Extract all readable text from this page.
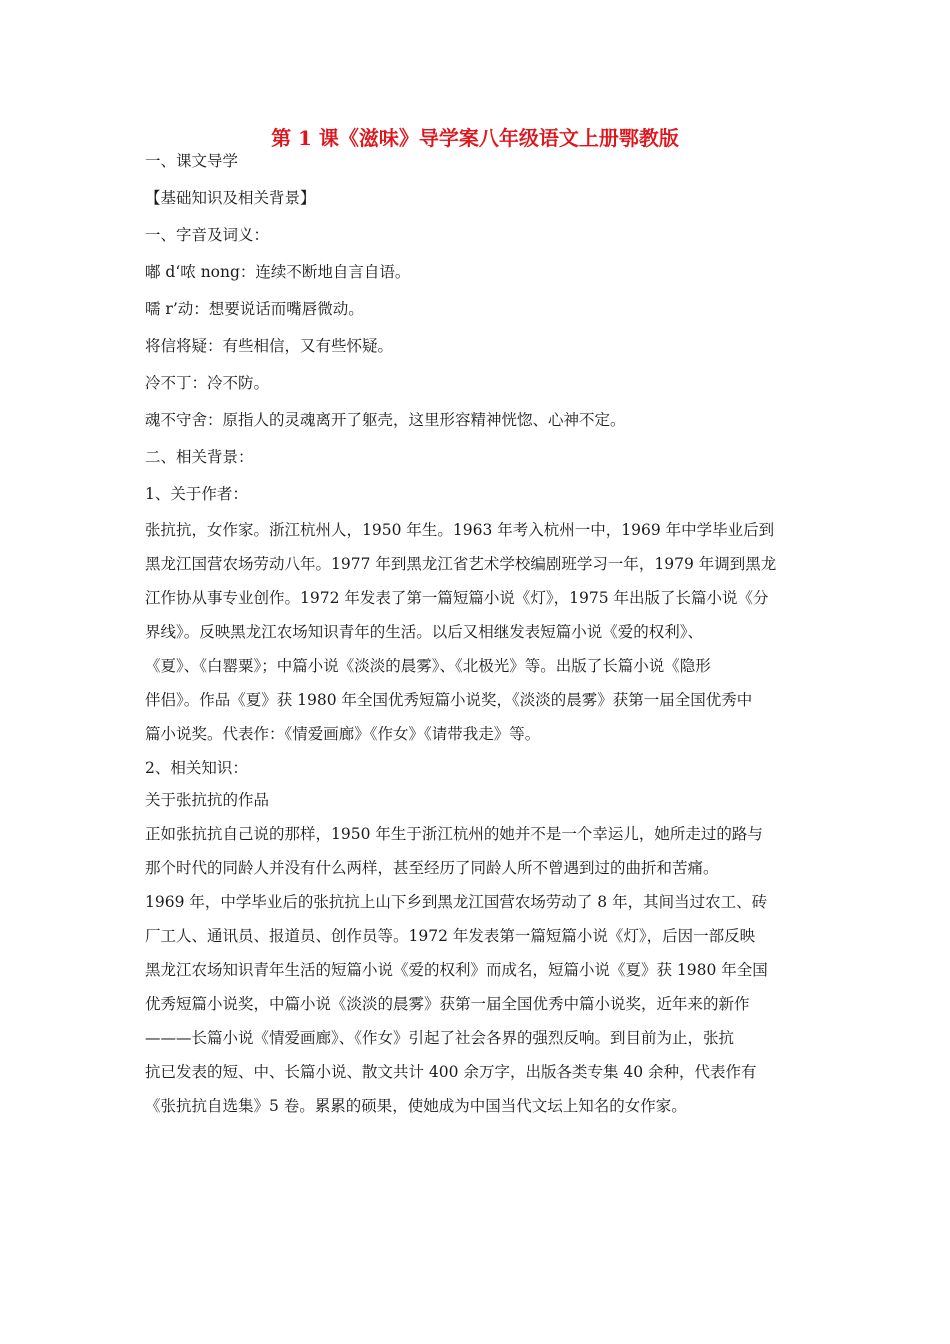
第 1 课《滋味》导学案八年级语文上册鄂教版

一、课文导学

【基础知识及相关背景】

一、字音及词义：

嘟 d‘哝 nong：连续不断地自言自语。

嚅 r’动：想要说话而嘴唇微动。

将信将疑：有些相信，又有些怀疑。

冷不丁：冷不防。

魂不守舍：原指人的灵魂离开了躯壳，这里形容精神恍惚、心神不定。

二、相关背景：

1、关于作者：

张抗抗，女作家。浙江杭州人，1950 年生。1963 年考入杭州一中，1969 年中学毕业后到

黑龙江国营农场劳动八年。1977 年到黑龙江省艺术学校编剧班学习一年，1979 年调到黑龙

江作协从事专业创作。1972 年发表了第一篇短篇小说《灯》，1975 年出版了长篇小说《分

界线》。反映黑龙江农场知识青年的生活。以后又相继发表短篇小说《爱的权利》、

《夏》、《白罂粟》；中篇小说《淡淡的晨雾》、《北极光》等。出版了长篇小说《隐形

伴侣》。作品《夏》获 1980 年全国优秀短篇小说奖，《淡淡的晨雾》获第一届全国优秀中

篇小说奖。代表作：《情爱画廊》《作女》《请带我走》等。

2、相关知识：

关于张抗抗的作品

正如张抗抗自己说的那样，1950 年生于浙江杭州的她并不是一个幸运儿，她所走过的路与

那个时代的同龄人并没有什么两样，甚至经历了同龄人所不曾遇到过的曲折和苦痛。

1969 年，中学毕业后的张抗抗上山下乡到黑龙江国营农场劳动了 8 年，其间当过农工、砖

厂工人、通讯员、报道员、创作员等。1972 年发表第一篇短篇小说《灯》，后因一部反映

黑龙江农场知识青年生活的短篇小说《爱的权利》而成名，短篇小说《夏》获 1980 年全国

优秀短篇小说奖，中篇小说《淡淡的晨雾》获第一届全国优秀中篇小说奖，近年来的新作

———长篇小说《情爱画廊》、《作女》引起了社会各界的强烈反响。到目前为止，张抗

抗已发表的短、中、长篇小说、散文共计 400 余万字，出版各类专集 40 余种，代表作有

《张抗抗自选集》5 卷。累累的硕果，使她成为中国当代文坛上知名的女作家。
